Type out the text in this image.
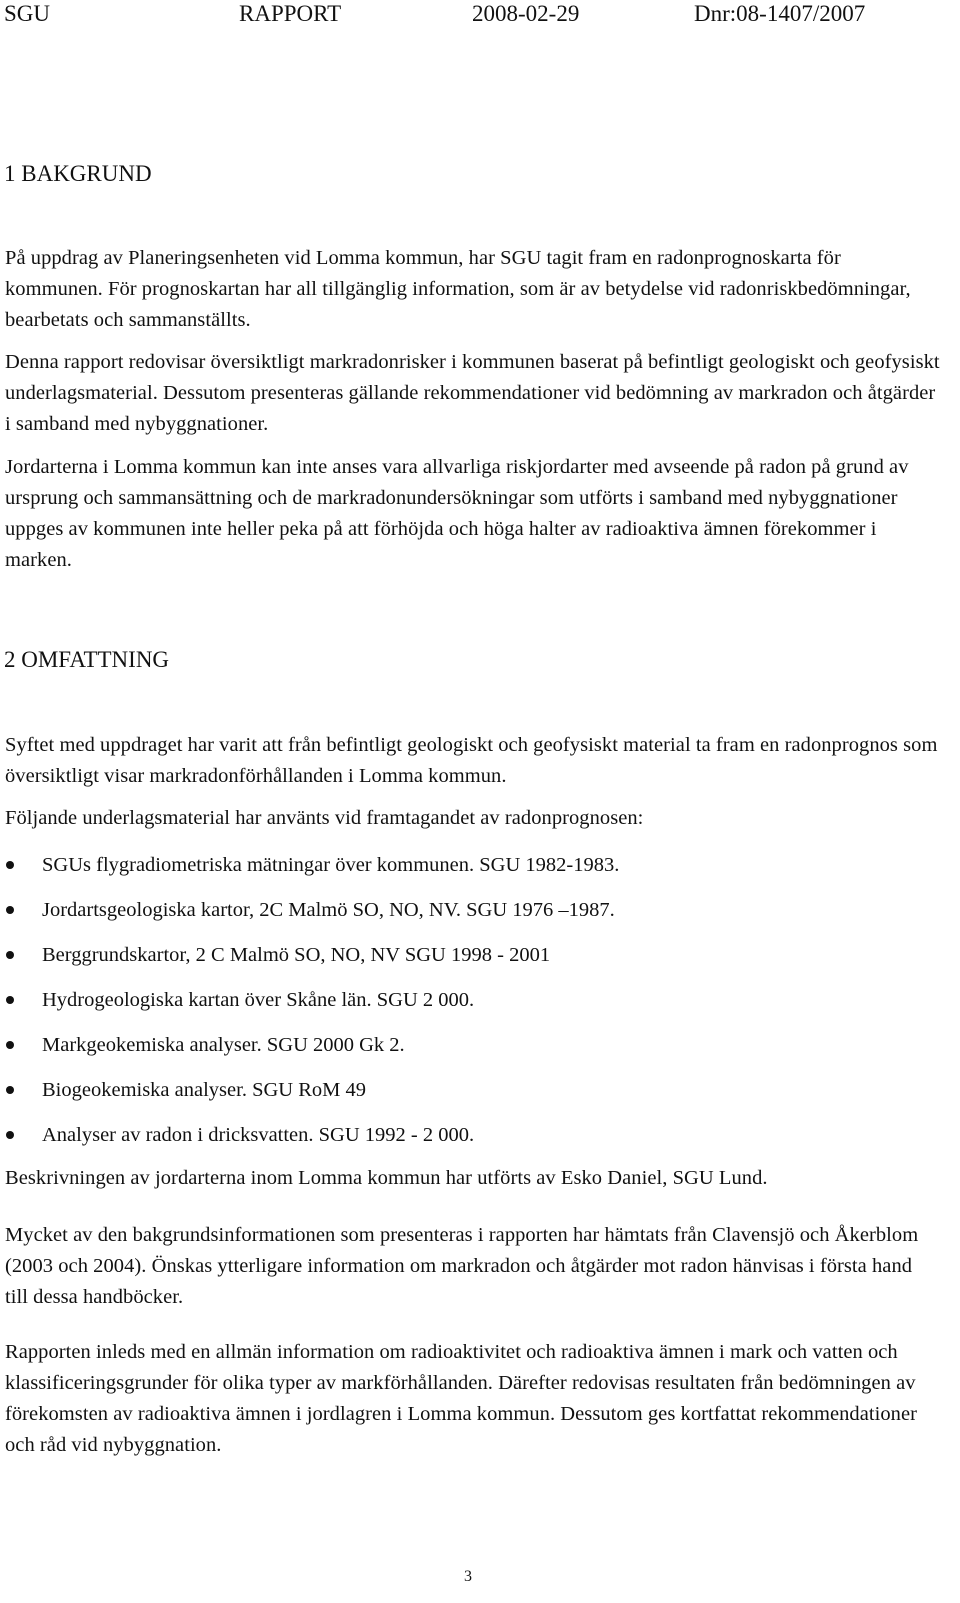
SGU	RAPPORT	2008-02-29	Dnr:08-1407/2007
1 BAKGRUND

På uppdrag av Planeringsenheten vid Lomma kommun, har SGU tagit fram en radonprognoskarta för kommunen. För prognoskartan har all tillgänglig information, som är av betydelse vid radonriskbedömningar, bearbetats och sammanställts.

Denna rapport redovisar översiktligt markradonrisker i kommunen baserat på befintligt geologiskt och geofysiskt underlagsmaterial. Dessutom presenteras gällande rekommendationer vid bedömning av markradon och åtgärder i samband med nybyggnationer.

Jordarterna i Lomma kommun kan inte anses vara allvarliga riskjordarter med avseende på radon på grund av ursprung och sammansättning och de markradonundersökningar som utförts i samband med nybyggnationer uppges av kommunen inte heller peka på att förhöjda och höga halter av radioaktiva ämnen förekommer i marken.

2 OMFATTNING

Syftet med uppdraget har varit att från befintligt geologiskt och geofysiskt material ta fram en radonprognos som översiktligt visar markradonförhållanden i Lomma kommun.

Följande underlagsmaterial har använts vid framtagandet av radonprognosen:

SGUs flygradiometriska mätningar över kommunen. SGU 1982-1983.
Jordartsgeologiska kartor, 2C Malmö SO, NO, NV. SGU 1976 –1987.
Berggrundskartor, 2 C Malmö SO, NO, NV SGU 1998 - 2001
Hydrogeologiska kartan över Skåne län. SGU 2 000.
Markgeokemiska analyser. SGU 2000 Gk 2.
Biogeokemiska analyser. SGU RoM 49
Analyser av radon i dricksvatten. SGU 1992 - 2 000.

Beskrivningen av jordarterna inom Lomma kommun har utförts av Esko Daniel, SGU Lund.

Mycket av den bakgrundsinformationen som presenteras i rapporten har hämtats från Clavensjö och Åkerblom (2003 och 2004). Önskas ytterligare information om markradon och åtgärder mot radon hänvisas i första hand till dessa handböcker.

Rapporten inleds med en allmän information om radioaktivitet och radioaktiva ämnen i mark och vatten och klassificeringsgrunder för olika typer av markförhållanden. Därefter redovisas resultaten från bedömningen av förekomsten av radioaktiva ämnen i jordlagren i Lomma kommun. Dessutom ges kortfattat rekommendationer och råd vid nybyggnation.

3
